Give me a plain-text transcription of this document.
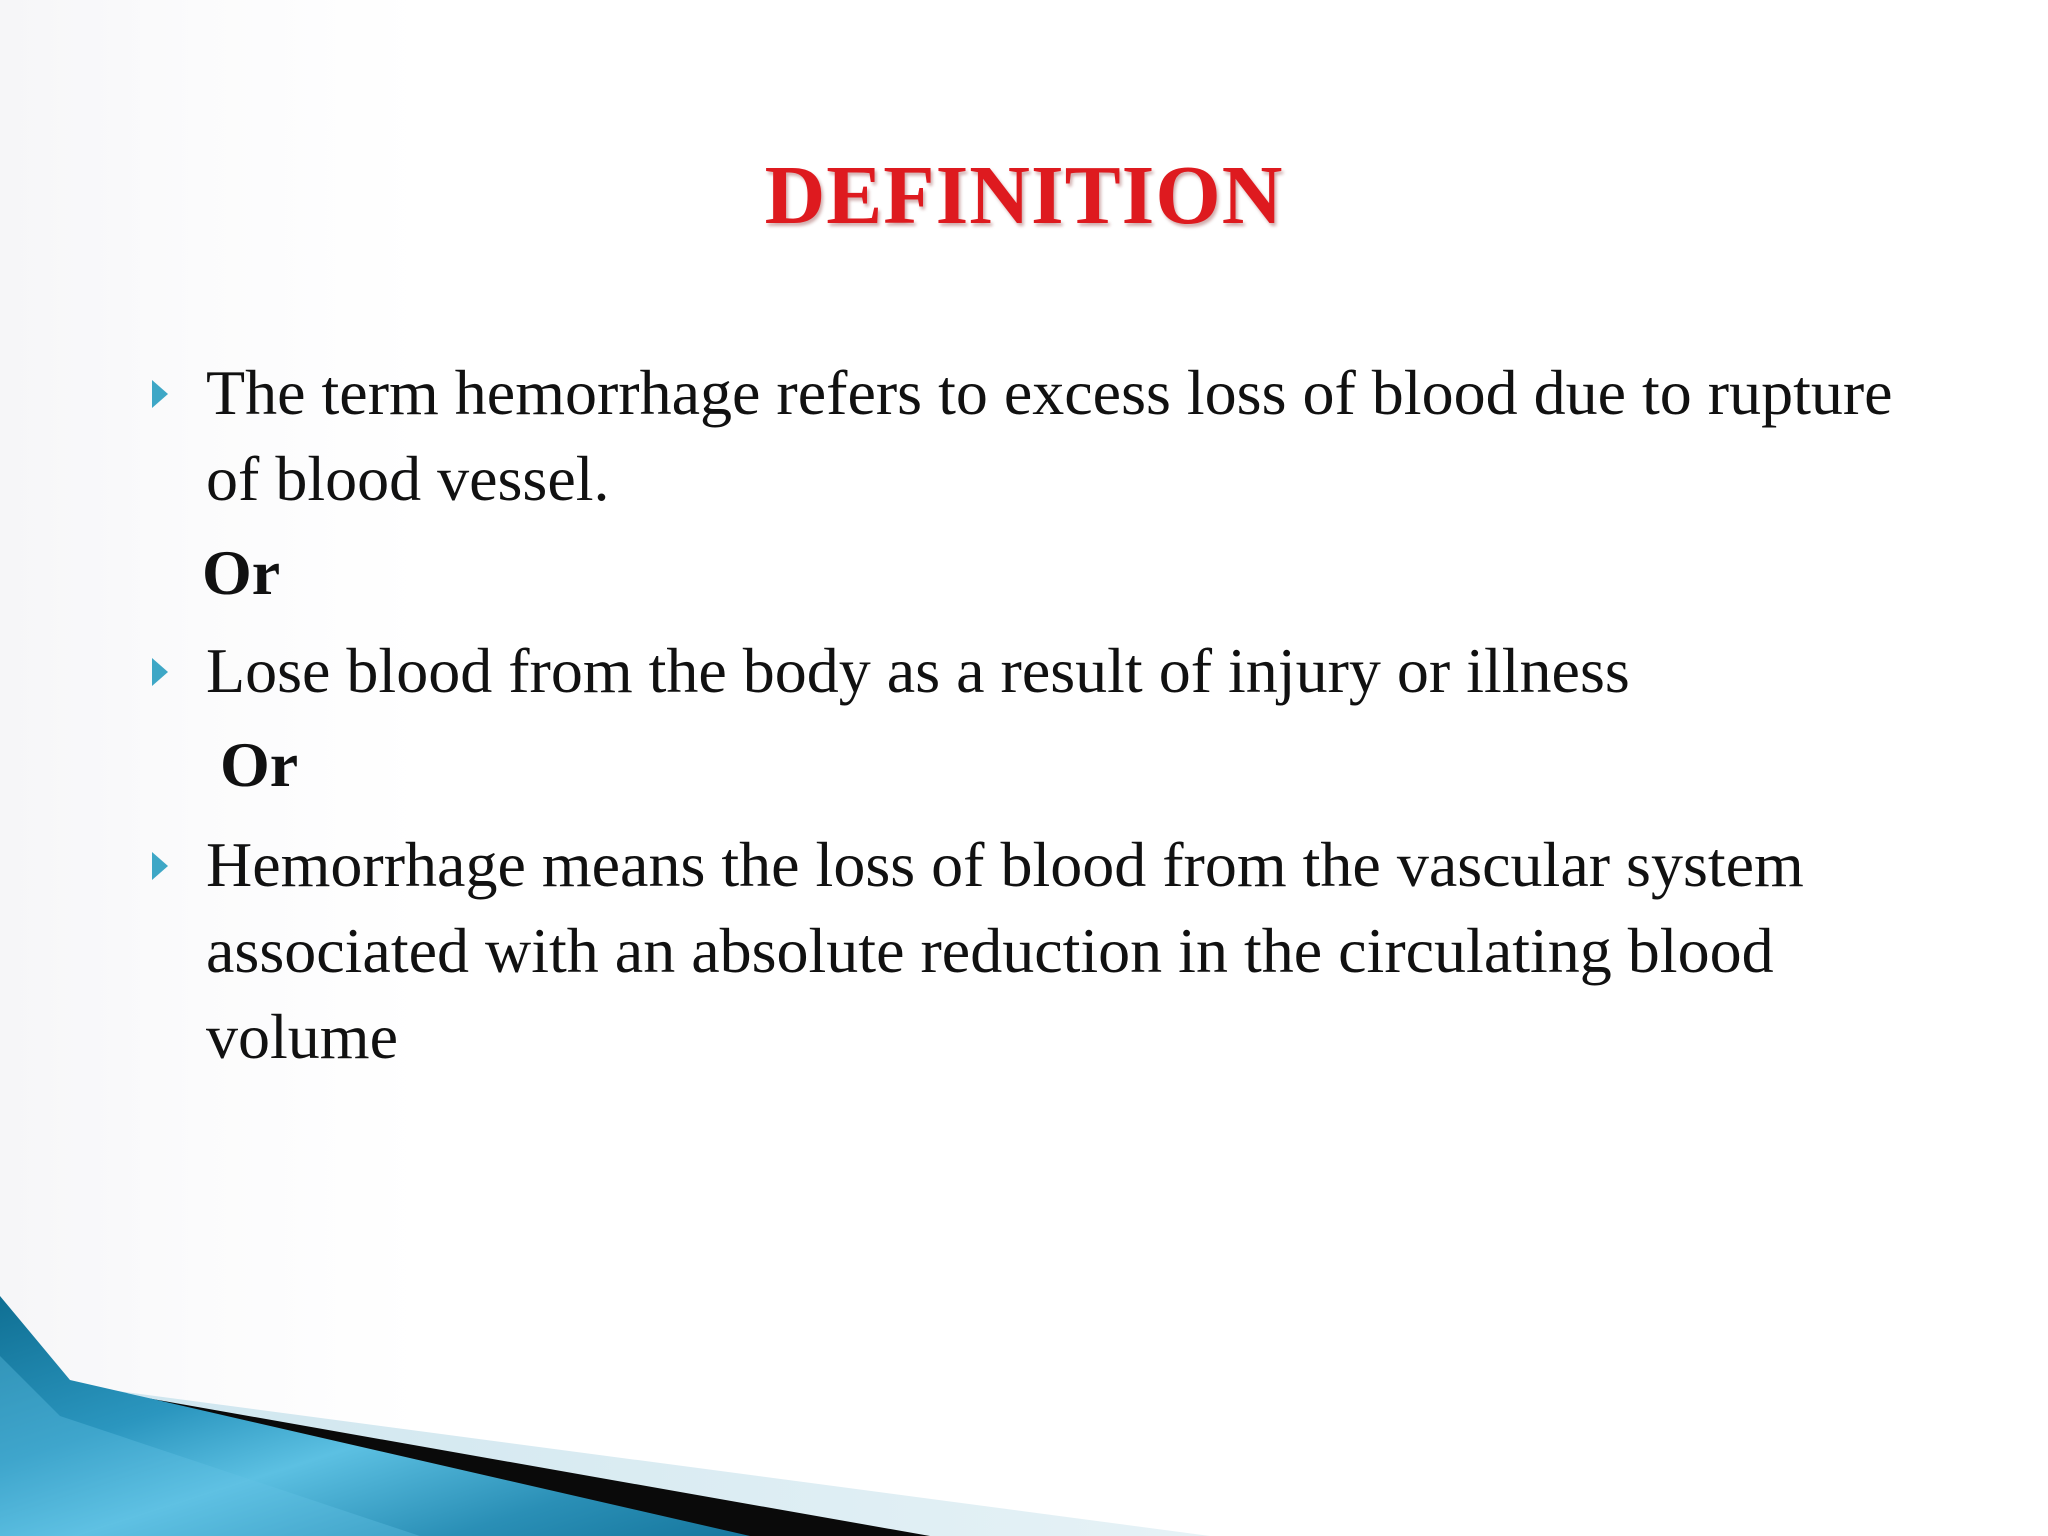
DEFINITION

The term hemorrhage refers to excess loss of blood due to rupture of blood vessel.

Or

Lose blood from the body as a result of injury or illness

Or

Hemorrhage means the loss of blood from the vascular system associated with an absolute reduction in the circulating blood volume
